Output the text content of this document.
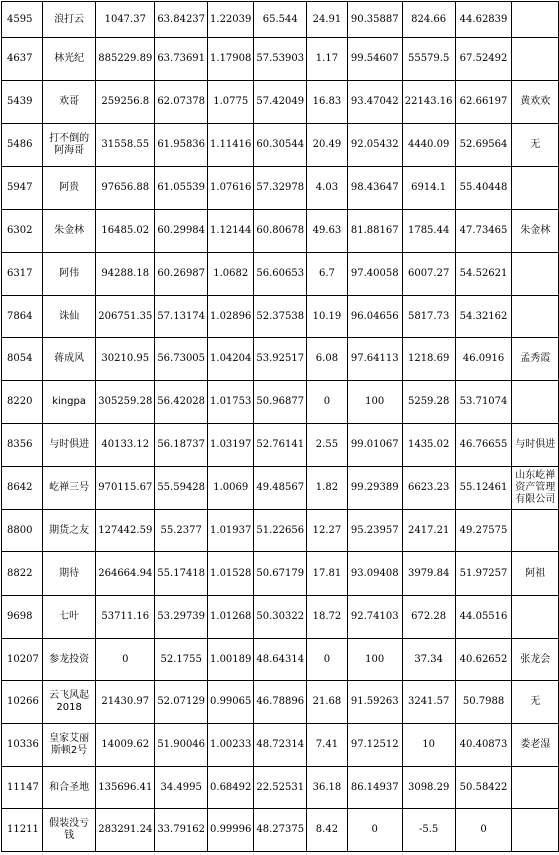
4595	浪打云	1047.37	63.84237	1.22039	65.544	24.91	90.35887	824.66	44.62839	
4637	林光纪	885229.89	63.73691	1.17908	57.53903	1.17	99.54607	55579.5	67.52492	
5439	欢哥	259256.8	62.07378	1.0775	57.42049	16.83	93.47042	22143.16	62.66197	黄欢欢
5486	打不倒的阿海哥	31558.55	61.95836	1.11416	60.30544	20.49	92.05432	4440.09	52.69564	无
5947	阿贵	97656.88	61.05539	1.07616	57.32978	4.03	98.43647	6914.1	55.40448	
6302	朱金林	16485.02	60.29984	1.12144	60.80678	49.63	81.88167	1785.44	47.73465	朱金林
6317	阿伟	94288.18	60.26987	1.0682	56.60653	6.7	97.40058	6007.27	54.52621	
7864	诛仙	206751.35	57.13174	1.02896	52.37538	10.19	96.04656	5817.73	54.32162	
8054	蒋成风	30210.95	56.73005	1.04204	53.92517	6.08	97.64113	1218.69	46.0916	孟秀霞
8220	kingpa	305259.28	56.42028	1.01753	50.96877	0	100	5259.28	53.71074	
8356	与时俱进	40133.12	56.18737	1.03197	52.76141	2.55	99.01067	1435.02	46.76655	与时俱进
8642	屹禅三号	970115.67	55.59428	1.0069	49.48567	1.82	99.29389	6623.23	55.12461	山东屹禅资产管理有限公司
8800	期货之友	127442.59	55.2377	1.01937	51.22656	12.27	95.23957	2417.21	49.27575	
8822	期待	264664.94	55.17418	1.01528	50.67179	17.81	93.09408	3979.84	51.97257	阿祖
9698	七叶	53711.16	53.29739	1.01268	50.30322	18.72	92.74103	672.28	44.05516	
10207	参龙投资	0	52.1755	1.00189	48.64314	0	100	37.34	40.62652	张龙会
10266	云飞风起2018	21430.97	52.07129	0.99065	46.78896	21.68	91.59263	3241.57	50.7988	无
10336	皇家艾丽斯顿2号	14009.62	51.90046	1.00233	48.72314	7.41	97.12512	10	40.40873	娄老湿
11147	和合圣地	135696.41	34.4995	0.68492	22.52531	36.18	86.14937	3098.29	50.58422	
11211	假装没亏钱	283291.24	33.79162	0.99996	48.27375	8.42	0	-5.5	0	
